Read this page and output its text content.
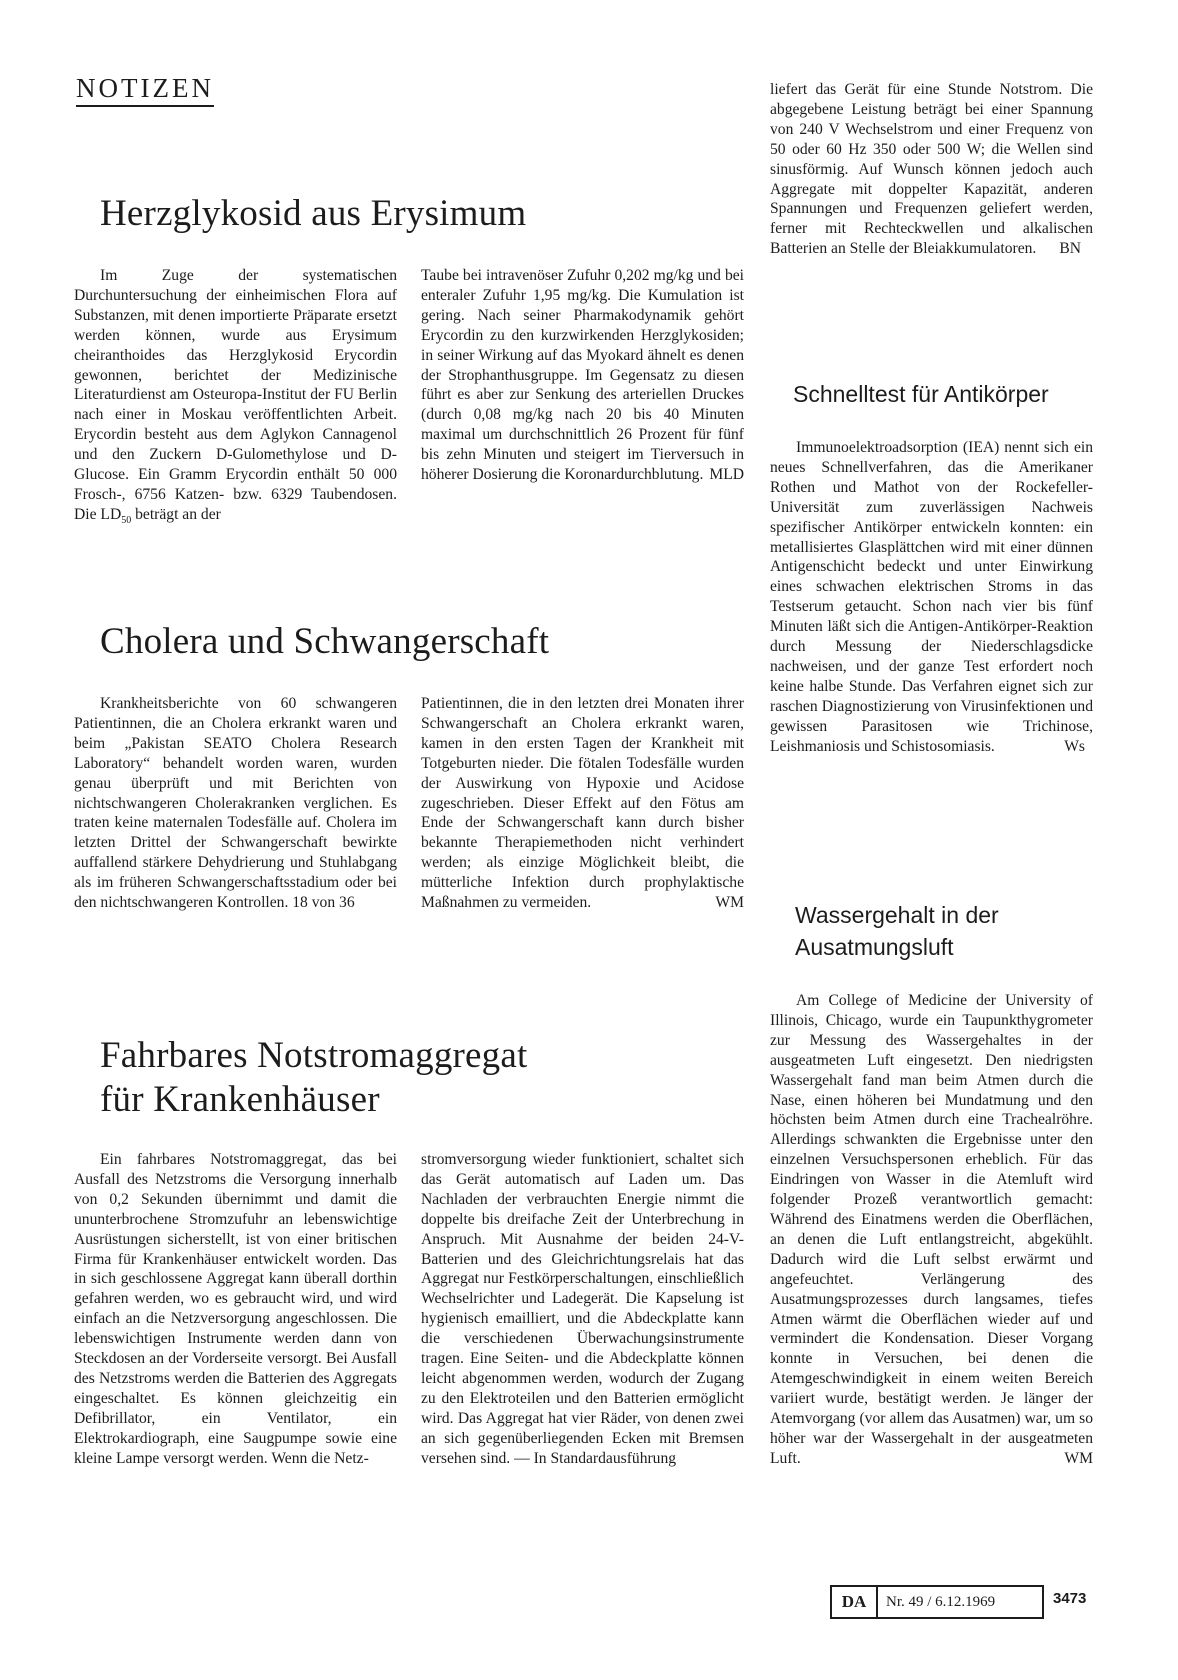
NOTIZEN
Herzglykosid aus Erysimum

Im Zuge der systematischen Durchuntersuchung der einheimischen Flora auf Substanzen, mit denen importierte Präparate ersetzt werden können, wurde aus Erysimum cheiranthoides das Herzglykosid Erycordin gewonnen, berichtet der Medizinische Literaturdienst am Osteuropa-Institut der FU Berlin nach einer in Moskau veröffentlichten Arbeit. Erycordin besteht aus dem Aglykon Cannagenol und den Zuckern D-Gulomethylose und D-Glucose. Ein Gramm Erycordin enthält 50 000 Frosch-, 6756 Katzen- bzw. 6329 Taubendosen. Die $LD_{50}$ beträgt an der

Taube bei intravenöser Zufuhr 0,202 mg/kg und bei enteraler Zufuhr 1,95 mg/kg. Die Kumulation ist gering. Nach seiner Pharmakodynamik gehört Erycordin zu den kurzwirkenden Herzglykosiden; in seiner Wirkung auf das Myokard ähnelt es denen der Strophanthusgruppe. Im Gegensatz zu diesen führt es aber zur Senkung des arteriellen Druckes (durch 0,08 mg/kg nach 20 bis 40 Minuten maximal um durchschnittlich 26 Prozent für fünf bis zehn Minuten und steigert im Tierversuch in höherer Dosierung die Koronardurchblutung. MLD

Cholera und Schwangerschaft

Krankheitsberichte von 60 schwangeren Patientinnen, die an Cholera erkrankt waren und beim „Pakistan SEATO Cholera Research Laboratory“ behandelt worden waren, wurden genau überprüft und mit Berichten von nichtschwangeren Cholerakranken verglichen. Es traten keine maternalen Todesfälle auf. Cholera im letzten Drittel der Schwangerschaft bewirkte auffallend stärkere Dehydrierung und Stuhlabgang als im früheren Schwangerschaftsstadium oder bei den nichtschwangeren Kontrollen. 18 von 36

Patientinnen, die in den letzten drei Monaten ihrer Schwangerschaft an Cholera erkrankt waren, kamen in den ersten Tagen der Krankheit mit Totgeburten nieder. Die fötalen Todesfälle wurden der Auswirkung von Hypoxie und Acidose zugeschrieben. Dieser Effekt auf den Fötus am Ende der Schwangerschaft kann durch bisher bekannte Therapiemethoden nicht verhindert werden; als einzige Möglichkeit bleibt, die mütterliche Infektion durch prophylaktische Maßnahmen zu vermeiden.	WM

Fahrbares Notstromaggregat
für Krankenhäuser

Ein fahrbares Notstromaggregat, das bei Ausfall des Netzstroms die Versorgung innerhalb von 0,2 Sekunden übernimmt und damit die ununterbrochene Stromzufuhr an lebenswichtige Ausrüstungen sicherstellt, ist von einer britischen Firma für Krankenhäuser entwickelt worden. Das in sich geschlossene Aggregat kann überall dorthin gefahren werden, wo es gebraucht wird, und wird einfach an die Netzversorgung angeschlossen. Die lebenswichtigen Instrumente werden dann von Steckdosen an der Vorderseite versorgt. Bei Ausfall des Netzstroms werden die Batterien des Aggregats eingeschaltet. Es können gleichzeitig ein Defibrillator, ein Ventilator, ein Elektrokardiograph, eine Saugpumpe sowie eine kleine Lampe versorgt werden. Wenn die Netz-

stromversorgung wieder funktioniert, schaltet sich das Gerät automatisch auf Laden um. Das Nachladen der verbrauchten Energie nimmt die doppelte bis dreifache Zeit der Unterbrechung in Anspruch. Mit Ausnahme der beiden 24-V-Batterien und des Gleichrichtungsrelais hat das Aggregat nur Festkörperschaltungen, einschließlich Wechselrichter und Ladegerät. Die Kapselung ist hygienisch emailliert, und die Abdeckplatte kann die verschiedenen Überwachungsinstrumente tragen. Eine Seiten- und die Abdeckplatte können leicht abgenommen werden, wodurch der Zugang zu den Elektroteilen und den Batterien ermöglicht wird. Das Aggregat hat vier Räder, von denen zwei an sich gegenüberliegenden Ecken mit Bremsen versehen sind. — In Standardausführung

liefert das Gerät für eine Stunde Notstrom. Die abgegebene Leistung beträgt bei einer Spannung von 240 V Wechselstrom und einer Frequenz von 50 oder 60 Hz 350 oder 500 W; die Wellen sind sinusförmig. Auf Wunsch können jedoch auch Aggregate mit doppelter Kapazität, anderen Spannungen und Frequenzen geliefert werden, ferner mit Rechteckwellen und alkalischen Batterien an Stelle der Bleiakkumulatoren. BN

Schnelltest für Antikörper

Immunoelektroadsorption (IEA) nennt sich ein neues Schnellverfahren, das die Amerikaner Rothen und Mathot von der Rockefeller-Universität zum zuverlässigen Nachweis spezifischer Antikörper entwickeln konnten: ein metallisiertes Glasplättchen wird mit einer dünnen Antigenschicht bedeckt und unter Einwirkung eines schwachen elektrischen Stroms in das Testserum getaucht. Schon nach vier bis fünf Minuten läßt sich die Antigen-Antikörper-Reaktion durch Messung der Niederschlagsdicke nachweisen, und der ganze Test erfordert noch keine halbe Stunde. Das Verfahren eignet sich zur raschen Diagnostizierung von Virusinfektionen und gewissen Parasitosen wie Trichinose, Leishmaniosis und Schistosomiasis.	Ws

Wassergehalt in der
Ausatmungsluft

Am College of Medicine der University of Illinois, Chicago, wurde ein Taupunkthygrometer zur Messung des Wassergehaltes in der ausgeatmeten Luft eingesetzt. Den niedrigsten Wassergehalt fand man beim Atmen durch die Nase, einen höheren bei Mundatmung und den höchsten beim Atmen durch eine Trachealröhre. Allerdings schwankten die Ergebnisse unter den einzelnen Versuchspersonen erheblich. Für das Eindringen von Wasser in die Atemluft wird folgender Prozeß verantwortlich gemacht: Während des Einatmens werden die Oberflächen, an denen die Luft entlangstreicht, abgekühlt. Dadurch wird die Luft selbst erwärmt und angefeuchtet. Verlängerung des Ausatmungsprozesses durch langsames, tiefes Atmen wärmt die Oberflächen wieder auf und vermindert die Kondensation. Dieser Vorgang konnte in Versuchen, bei denen die Atemgeschwindigkeit in einem weiten Bereich variiert wurde, bestätigt werden. Je länger der Atemvorgang (vor allem das Ausatmen) war, um so höher war der Wassergehalt in der ausgeatmeten Luft.	WM

DA	Nr. 49 / 6.12.1969	3473
